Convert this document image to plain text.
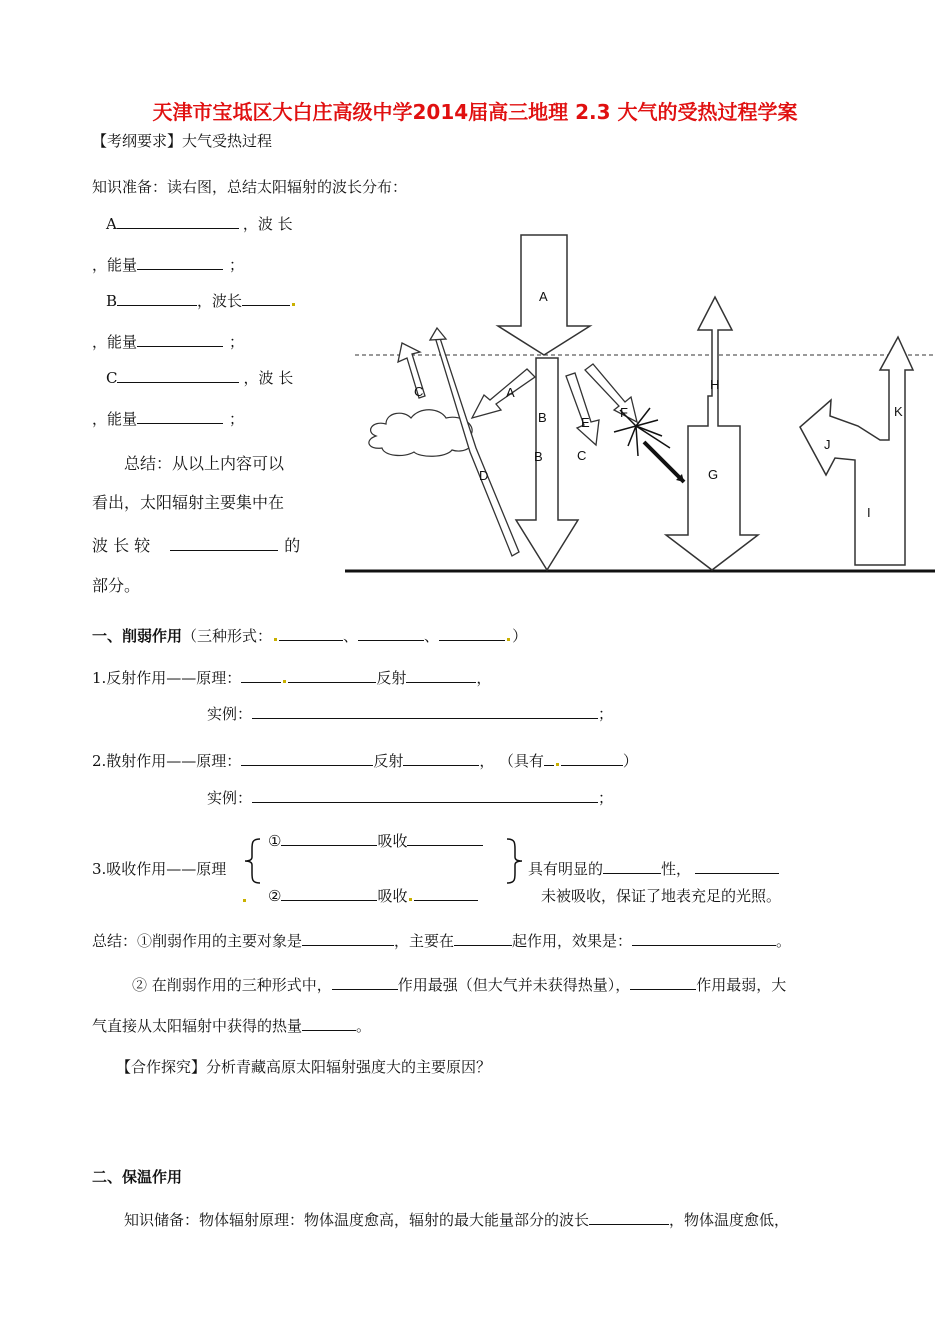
天津市宝坻区大白庄高级中学2014届高三地理 2.3 大气的受热过程学案
【考纲要求】大气受热过程
知识准备：读右图，总结太阳辐射的波长分布：
A	，波 长
，能量	；
B	，波长
，能量	；
C	，波 长
，能量	；
总结：从以上内容可以
看出，太阳辐射主要集中在
波 长 较	的
部分。
A
A
B
B
C
C
D
E
F
G
H
I
J
K
一、削弱作用（三种形式：	、	、	）
1.反射作用——原理：	反射	，
实例：	；
2.散射作用——原理：	反射	， （具有	）
实例：	；
3.吸收作用——原理
①	吸收
②	吸收
具有明显的	性，
未被吸收，保证了地表充足的光照。
总结：①削弱作用的主要对象是	，主要在	起作用，效果是：	。
② 在削弱作用的三种形式中，	作用最强（但大气并未获得热量），	作用最弱，大
气直接从太阳辐射中获得的热量	。
【合作探究】分析青藏高原太阳辐射强度大的主要原因？
二、保温作用
知识储备：物体辐射原理：物体温度愈高，辐射的最大能量部分的波长	，物体温度愈低，
